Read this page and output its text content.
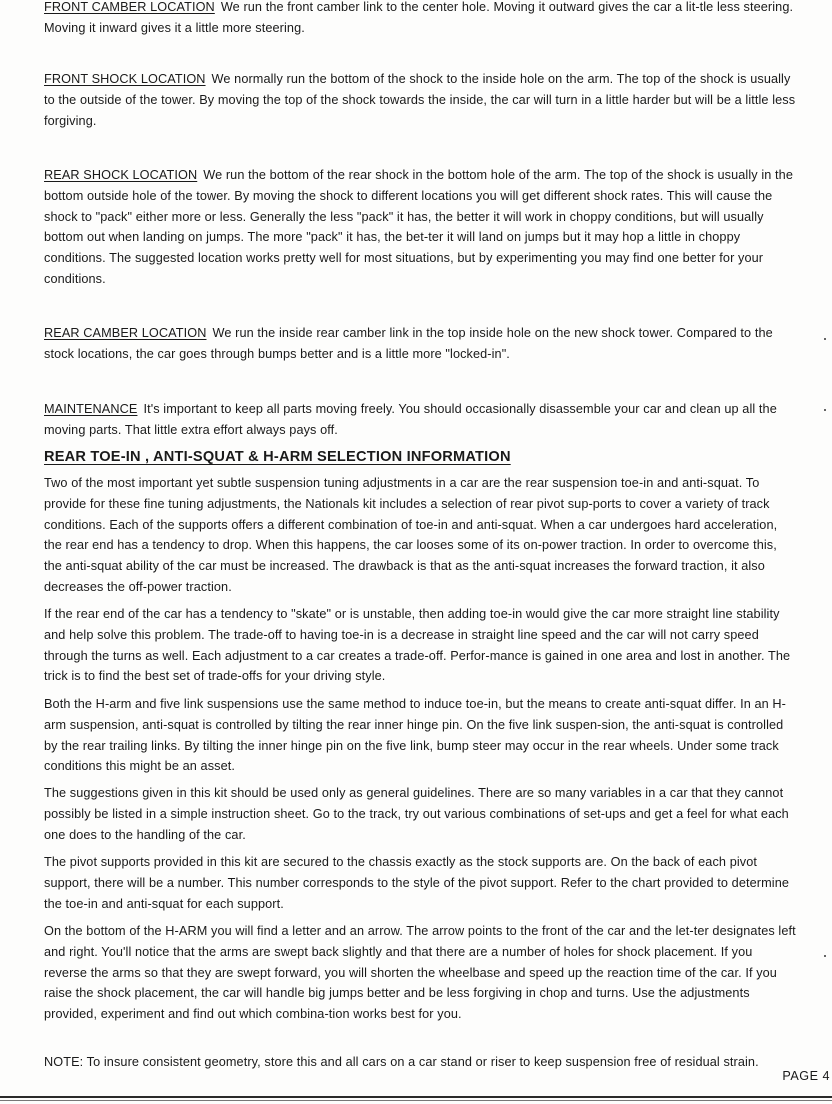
FRONT CAMBER LOCATION We run the front camber link to the center hole. Moving it outward gives the car a lit-tle less steering. Moving it inward gives it a little more steering.

FRONT SHOCK LOCATION We normally run the bottom of the shock to the inside hole on the arm. The top of the shock is usually to the outside of the tower. By moving the top of the shock towards the inside, the car will turn in a little harder but will be a little less forgiving.

REAR SHOCK LOCATION We run the bottom of the rear shock in the bottom hole of the arm. The top of the shock is usually in the bottom outside hole of the tower. By moving the shock to different locations you will get different shock rates. This will cause the shock to "pack" either more or less. Generally the less "pack" it has, the better it will work in choppy conditions, but will usually bottom out when landing on jumps. The more "pack" it has, the bet-ter it will land on jumps but it may hop a little in choppy conditions. The suggested location works pretty well for most situations, but by experimenting you may find one better for your conditions.

REAR CAMBER LOCATION We run the inside rear camber link in the top inside hole on the new shock tower. Compared to the stock locations, the car goes through bumps better and is a little more "locked-in".

MAINTENANCE It's important to keep all parts moving freely. You should occasionally disassemble your car and clean up all the moving parts. That little extra effort always pays off.

REAR TOE-IN , ANTI-SQUAT & H-ARM SELECTION INFORMATION

Two of the most important yet subtle suspension tuning adjustments in a car are the rear suspension toe-in and anti-squat. To provide for these fine tuning adjustments, the Nationals kit includes a selection of rear pivot sup-ports to cover a variety of track conditions. Each of the supports offers a different combination of toe-in and anti-squat. When a car undergoes hard acceleration, the rear end has a tendency to drop. When this happens, the car looses some of its on-power traction. In order to overcome this, the anti-squat ability of the car must be increased. The drawback is that as the anti-squat increases the forward traction, it also decreases the off-power traction.

If the rear end of the car has a tendency to "skate" or is unstable, then adding toe-in would give the car more straight line stability and help solve this problem. The trade-off to having toe-in is a decrease in straight line speed and the car will not carry speed through the turns as well. Each adjustment to a car creates a trade-off. Perfor-mance is gained in one area and lost in another. The trick is to find the best set of trade-offs for your driving style.

Both the H-arm and five link suspensions use the same method to induce toe-in, but the means to create anti-squat differ. In an H-arm suspension, anti-squat is controlled by tilting the rear inner hinge pin. On the five link suspen-sion, the anti-squat is controlled by the rear trailing links. By tilting the inner hinge pin on the five link, bump steer may occur in the rear wheels. Under some track conditions this might be an asset.

The suggestions given in this kit should be used only as general guidelines. There are so many variables in a car that they cannot possibly be listed in a simple instruction sheet. Go to the track, try out various combinations of set-ups and get a feel for what each one does to the handling of the car.

The pivot supports provided in this kit are secured to the chassis exactly as the stock supports are. On the back of each pivot support, there will be a number. This number corresponds to the style of the pivot support. Refer to the chart provided to determine the toe-in and anti-squat for each support.

On the bottom of the H-ARM you will find a letter and an arrow. The arrow points to the front of the car and the let-ter designates left and right. You'll notice that the arms are swept back slightly and that there are a number of holes for shock placement. If you reverse the arms so that they are swept forward, you will shorten the wheelbase and speed up the reaction time of the car. If you raise the shock placement, the car will handle big jumps better and be less forgiving in chop and turns. Use the adjustments provided, experiment and find out which combina-tion works best for you.

NOTE: To insure consistent geometry, store this and all cars on a car stand or riser to keep suspension free of residual strain.

PAGE 4
